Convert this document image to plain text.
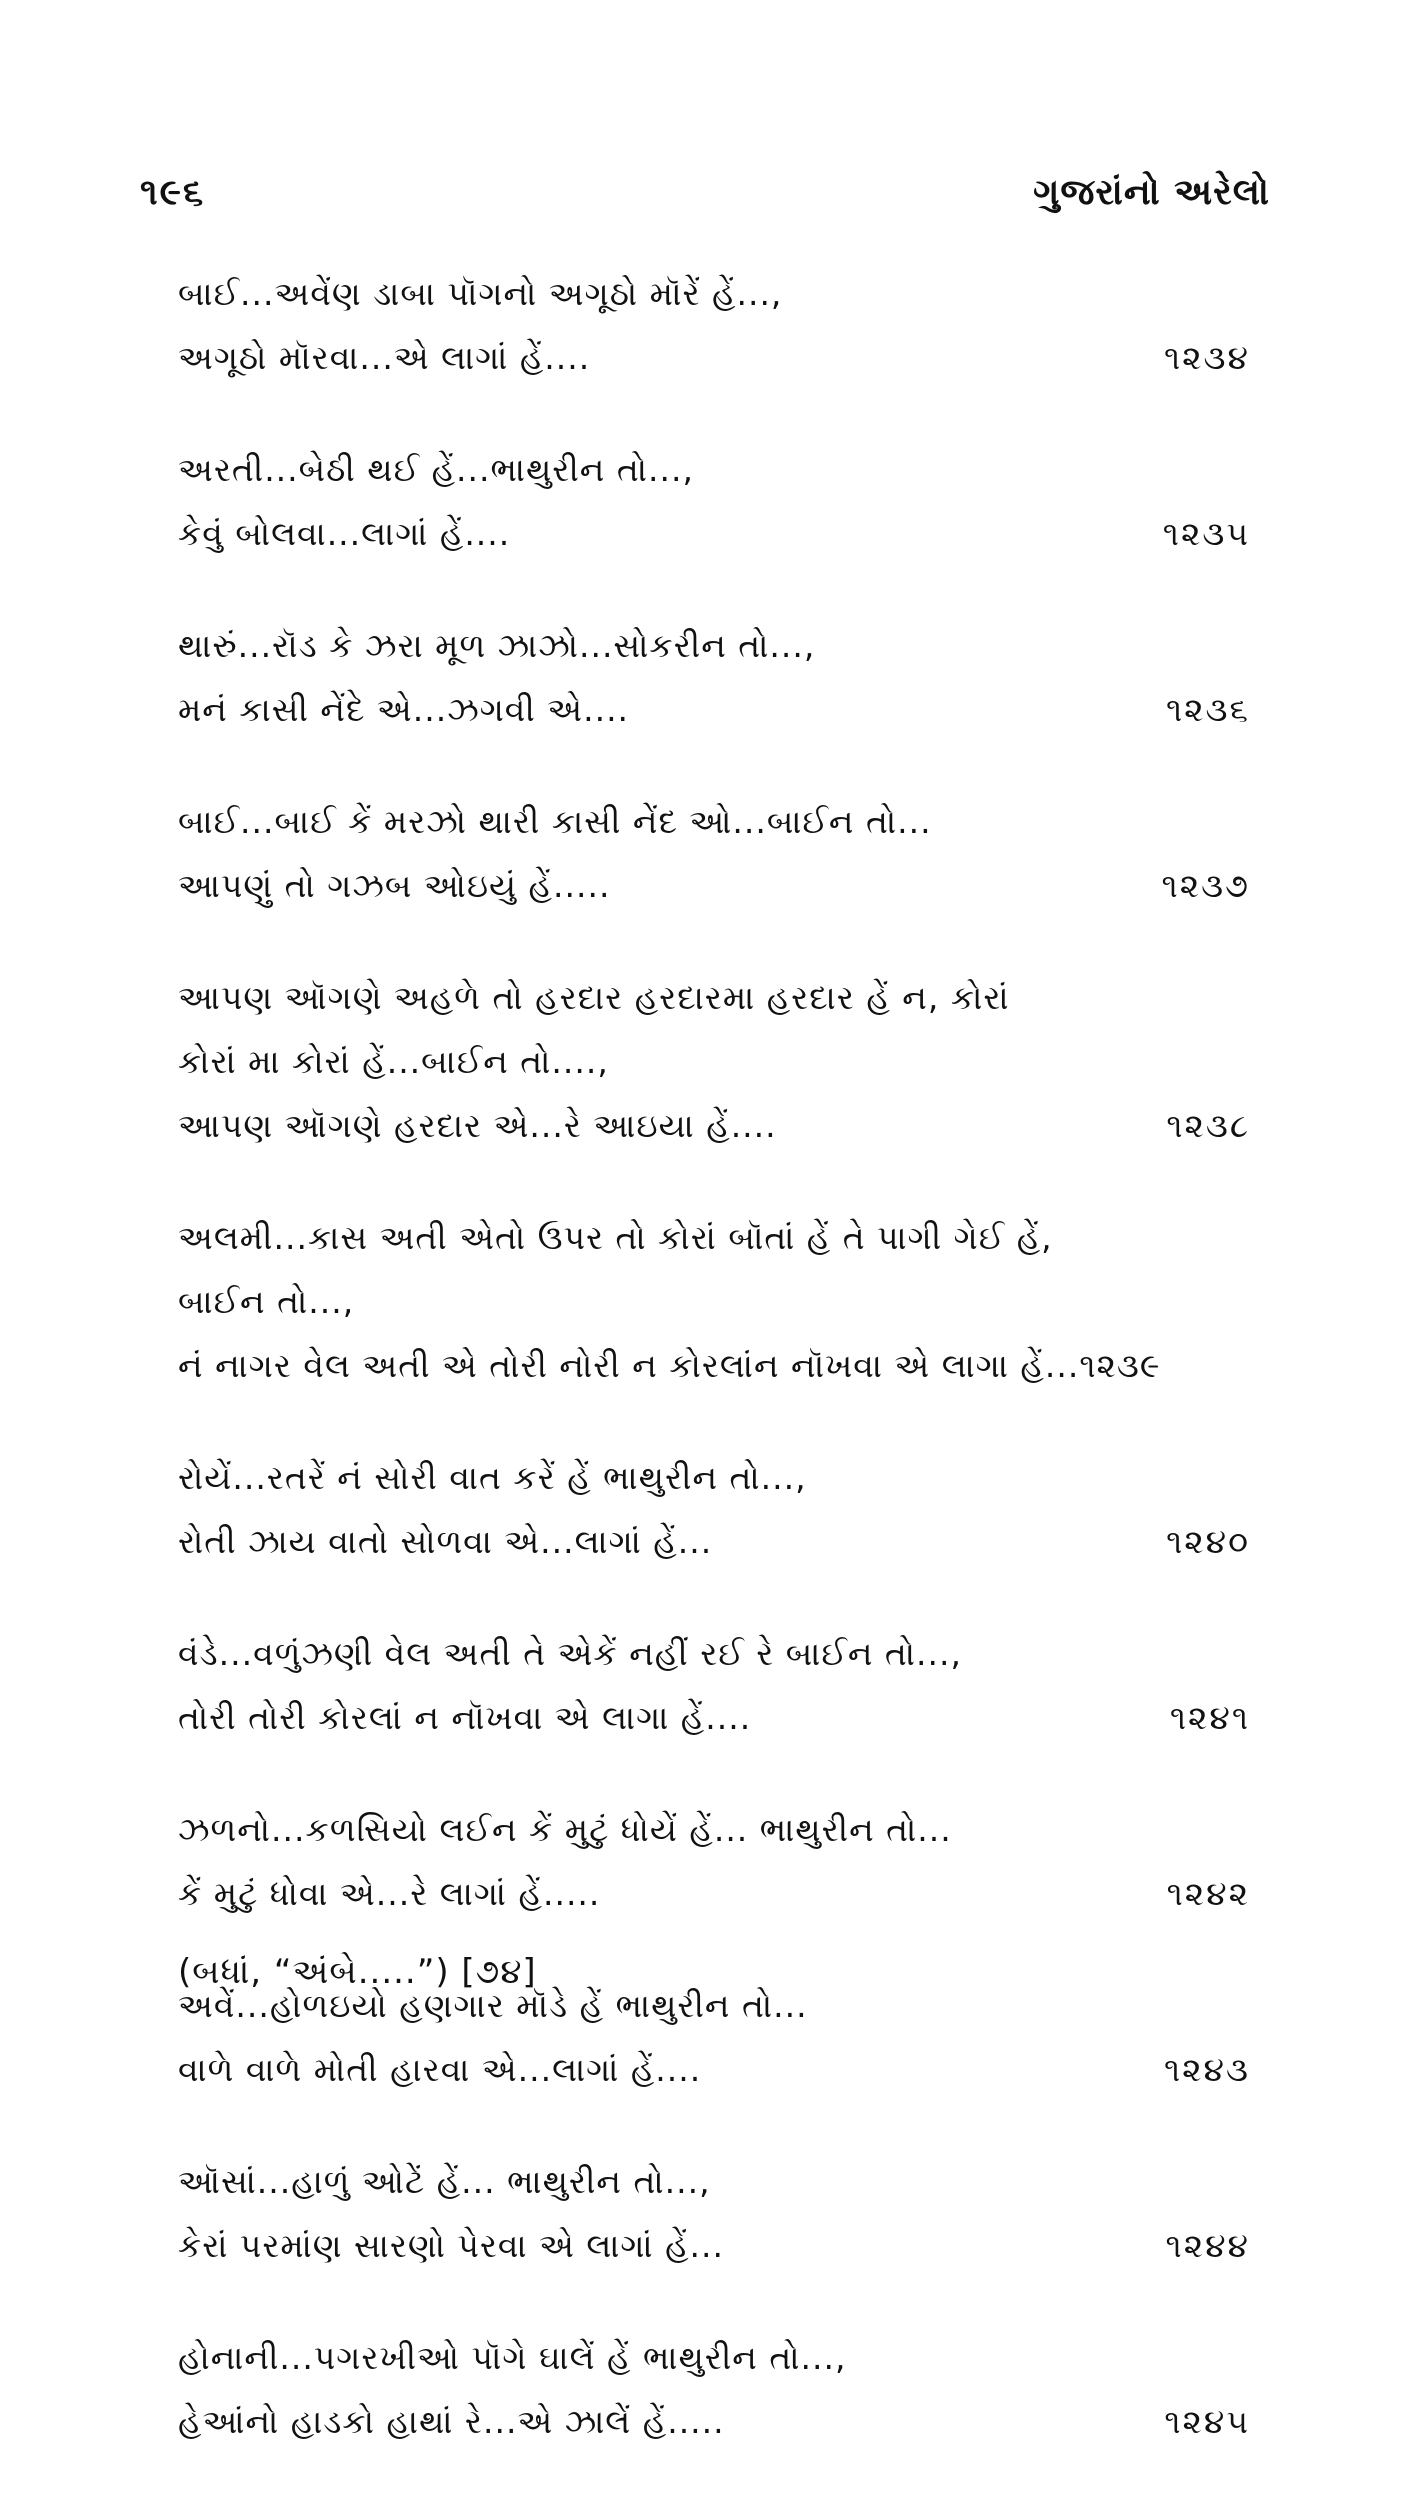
૧૯૬	ગુજરાંનો અરેલો
બાઈ...અવેંણ ડાબા પૉગનો અગૂઠો મૉરેં હેં...,
અગૂઠો મૉરવા...એ લાગાં હેં....	૧૨૩૪
અરતી...બેઠી થઈ હેં...ભાથુરીન તો...,
કેવું બોલવા...લાગાં હેં....	૧૨૩૫
થારું...રૉડ કે ઝરા મૂળ ઝાઝો...સોકરીન તો...,
મનં કાસી નેંદે એ...ઝગવી એ....	૧૨૩૬
બાઈ...બાઈ કેં મરઝો થારી કાસી નેંદ ઓ...બાઈન તો...
આપણું તો ગઝબ ઓઇયું હેં.....	૧૨૩૭
આપણ ઑગણે અહળે તો હરદાર હરદારમા હરદાર હેં ન, કોરાં
કોરાં મા કોરાં હેં...બાઈન તો....,
આપણ ઑગણે હરદાર એ...રે આઇયા હેં....	૧૨૩૮
અલમી...કાસ અતી એતો ઉપર તો કોરાં બૉતાં હેં તે પાગી ગેઈ હેં,
બાઈન તો...,
નં નાગર વેલ અતી એ તોરી નોરી ન કોરલાંન નૉખવા એ લાગા હેં...૧૨૩૯
રોયેં...રતરેં નં સોરી વાત કરેં હેં ભાથુરીન તો...,
રોતી ઝાય વાતો સોળવા એ...લાગાં હેં...	૧૨૪૦
વંડે...વળુંઝણી વેલ અતી તે એકેં નહીં રઈ રે બાઈન તો...,
તોરી તોરી કોરલાં ન નૉખવા એ લાગા હેં....	૧૨૪૧
ઝળનો...કળસિયો લઈન કેં મુટું ધોયેં હેં... ભાથુરીન તો...
કેં મુટું ધોવા એ...રે લાગાં હેં.....	૧૨૪૨
અવેં...હોળઇયો હણગાર મૉડે હેં ભાથુરીન તો...
વાળે વાળે મોતી હારવા એ...લાગાં હેં....	૧૨૪૩
ઑસાં...હાળું ઓટેં હેં... ભાથુરીન તો...,
કેરાં પરમાંણ સારણો પેરવા એ લાગાં હેં...	૧૨૪૪
હોનાની...પગરખીઓ પૉગે ઘાલેં હેં ભાથુરીન તો...,
હેઆંનો હાડકો હાથાં રે...એ ઝાલેં હેં.....	૧૨૪૫
(બધાં, “અંબે.....”) [૭૪]
